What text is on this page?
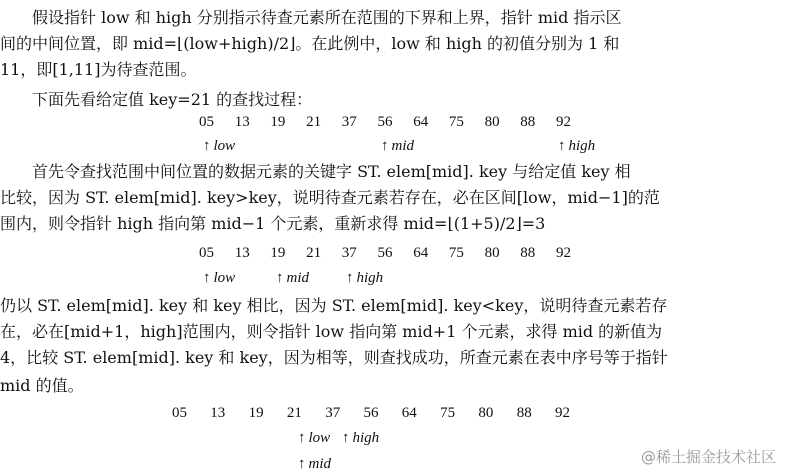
　　假设指针 low 和 high 分别指示待查元素所在范围的下界和上界，指针 mid 指示区

间的中间位置，即 mid=⌊(low+high)/2⌋。在此例中，low 和 high 的初值分别为 1 和

11，即[1,11]为待查范围。

　　下面先看给定值 key=21 的查找过程：

05 13 19 21 37 56 64 75 80 88 92
↑ low	↑ mid	↑ high

　　首先令查找范围中间位置的数据元素的关键字 ST. elem[mid]. key 与给定值 key 相

比较，因为 ST. elem[mid]. key>key，说明待查元素若存在，必在区间[low，mid−1]的范

围内，则令指针 high 指向第 mid−1 个元素，重新求得 mid=⌊(1+5)/2⌋=3

05 13 19 21 37 56 64 75 80 88 92
↑ low	↑ mid ↑ high

仍以 ST. elem[mid]. key 和 key 相比，因为 ST. elem[mid]. key<key，说明待查元素若存

在，必在[mid+1，high]范围内，则令指针 low 指向第 mid+1 个元素，求得 mid 的新值为

4，比较 ST. elem[mid]. key 和 key，因为相等，则查找成功，所查元素在表中序号等于指针

mid 的值。

05 13 19 21 37 56 64 75 80 88 92
↑ low ↑ high
↑ mid	@稀土掘金技术社区
